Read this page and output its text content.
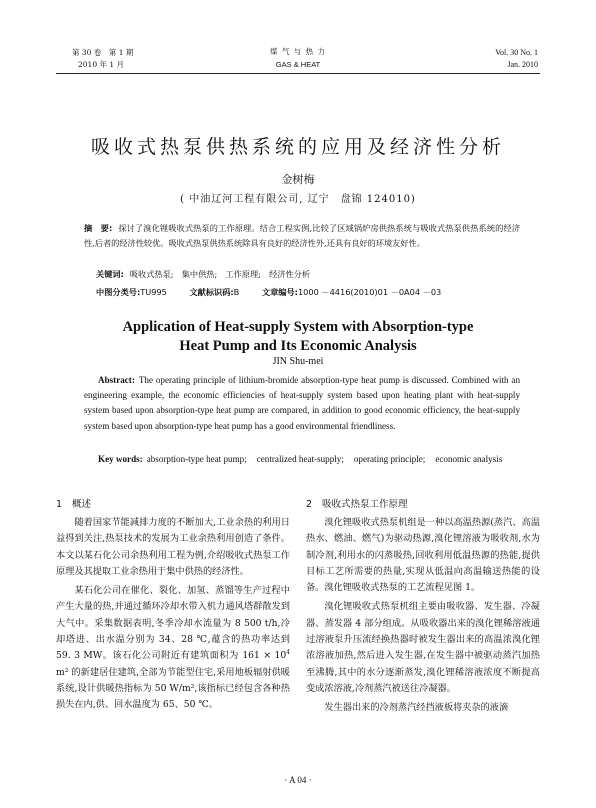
第 30 卷　第 1 期
2010 年 1 月
煤 气 与 热 力
GAS & HEAT
Vol. 30 No. 1
Jan. 2010
吸收式热泵供热系统的应用及经济性分析
金树梅
( 中油辽河工程有限公司, 辽宁　盘锦 124010)
摘　要: 探讨了溴化锂吸收式热泵的工作原理。结合工程实例,比较了区域锅炉房供热系统与吸收式热泵供热系统的经济性,后者的经济性较优。吸收式热泵供热系统除具有良好的经济性外,还具有良好的环境友好性。
关键词: 吸收式热泵;　集中供热;　工作原理;　经济性分析
中图分类号:TU995	文献标识码:B	文章编号:1000 －4416(2010)01 －0A04 －03
Application of Heat-supply System with Absorption-type
Heat Pump and Its Economic Analysis
JIN Shu-mei
Abstract: The operating principle of lithium-bromide absorption-type heat pump is discussed. Combined with an engineering example, the economic efficiencies of heat-supply system based upon heating plant with heat-supply system based upon absorption-type heat pump are compared, in addition to good economic efficiency, the heat-supply system based upon absorption-type heat pump has a good environmental friendliness.
Key words: absorption-type heat pump; centralized heat-supply; operating principle; economic analysis
1 概述

随着国家节能减排力度的不断加大,工业余热的利用日益得到关注,热泵技术的发展为工业余热利用创造了条件。本文以某石化公司余热利用工程为例,介绍吸收式热泵工作原理及其提取工业余热用于集中供热的经济性。

某石化公司在催化、裂化、加氢、蒸馏等生产过程中产生大量的热,并通过循环冷却水带入机力通风塔群散发到大气中。采集数据表明,冬季冷却水流量为 8 500 t/h,冷却塔进、出水温分别为 34、28 ℃,蕴含的热功率达到 59. 3 MW。该石化公司附近有建筑面积为 $161 \times 10^4$ m² 的新建居住建筑,全部为节能型住宅,采用地板辐射供暖系统,设计供暖热指标为 50 W/m²,该指标已经包含各种热损失在内,供、回水温度为 65、50 ℃。

2 吸收式热泵工作原理

溴化锂吸收式热泵机组是一种以高温热源(蒸汽、高温热水、燃油、燃气)为驱动热源,溴化锂溶液为吸收剂,水为制冷剂,利用水的闪蒸吸热,回收利用低温热源的热能,提供目标工艺所需要的热量,实现从低温向高温输送热能的设备。溴化锂吸收式热泵的工艺流程见图 1。

溴化锂吸收式热泵机组主要由吸收器、发生器、冷凝器、蒸发器 4 部分组成。从吸收器出来的溴化锂稀溶液通过溶液泵升压流经换热器时被发生器出来的高温浓溴化锂浓溶液加热,然后进入发生器,在发生器中被驱动蒸汽加热至沸腾,其中的水分逐渐蒸发,溴化锂稀溶液浓度不断提高变成浓溶液,冷剂蒸汽被送往冷凝器。

发生器出来的冷剂蒸汽经挡液板将夹杂的液滴

· A 04 ·
